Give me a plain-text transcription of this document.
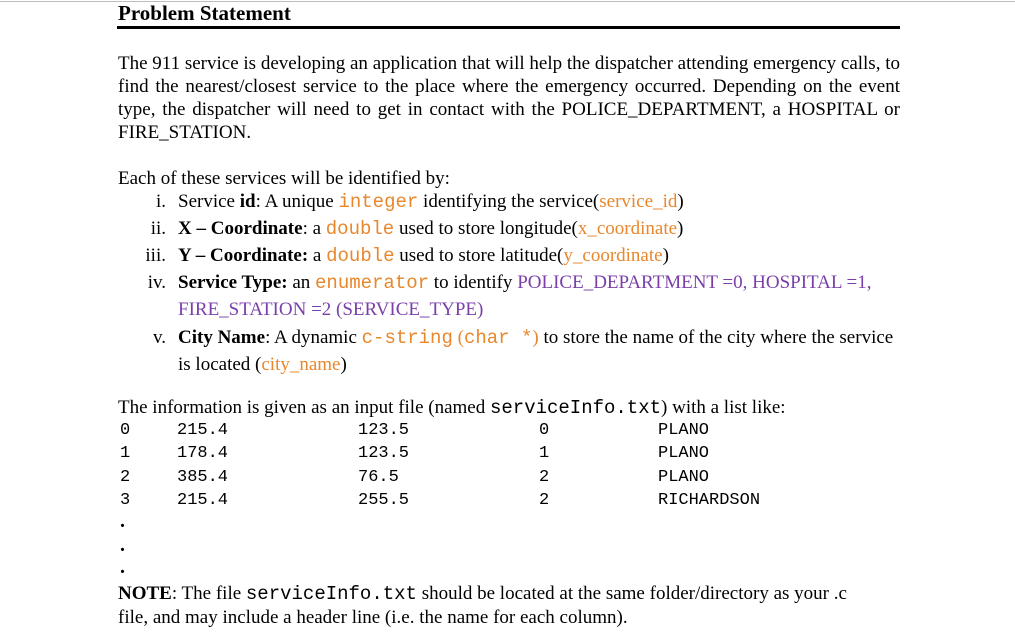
Problem Statement
The 911 service is developing an application that will help the dispatcher attending emergency calls, to find the nearest/closest service to the place where the emergency occurred. Depending on the event type, the dispatcher will need to get in contact with the POLICE_DEPARTMENT, a HOSPITAL or FIRE_STATION.
Each of these services will be identified by:
i. Service id: A unique integer identifying the service(service_id)
ii. X – Coordinate: a double used to store longitude(x_coordinate)
iii. Y – Coordinate: a double used to store latitude(y_coordinate)
iv. Service Type: an enumerator to identify POLICE_DEPARTMENT =0, HOSPITAL =1,
FIRE_STATION =2 (SERVICE_TYPE)
v. City Name: A dynamic c-string (char *) to store the name of the city where the service
is located (city_name)
The information is given as an input file (named serviceInfo.txt) with a list like:
0	215.4	123.5	0	PLANO
1	178.4	123.5	1	PLANO
2	385.4	76.5	2	PLANO
3	215.4	255.5	2	RICHARDSON
.
.
.
NOTE: The file serviceInfo.txt should be located at the same folder/directory as your .c
file, and may include a header line (i.e. the name for each column).
